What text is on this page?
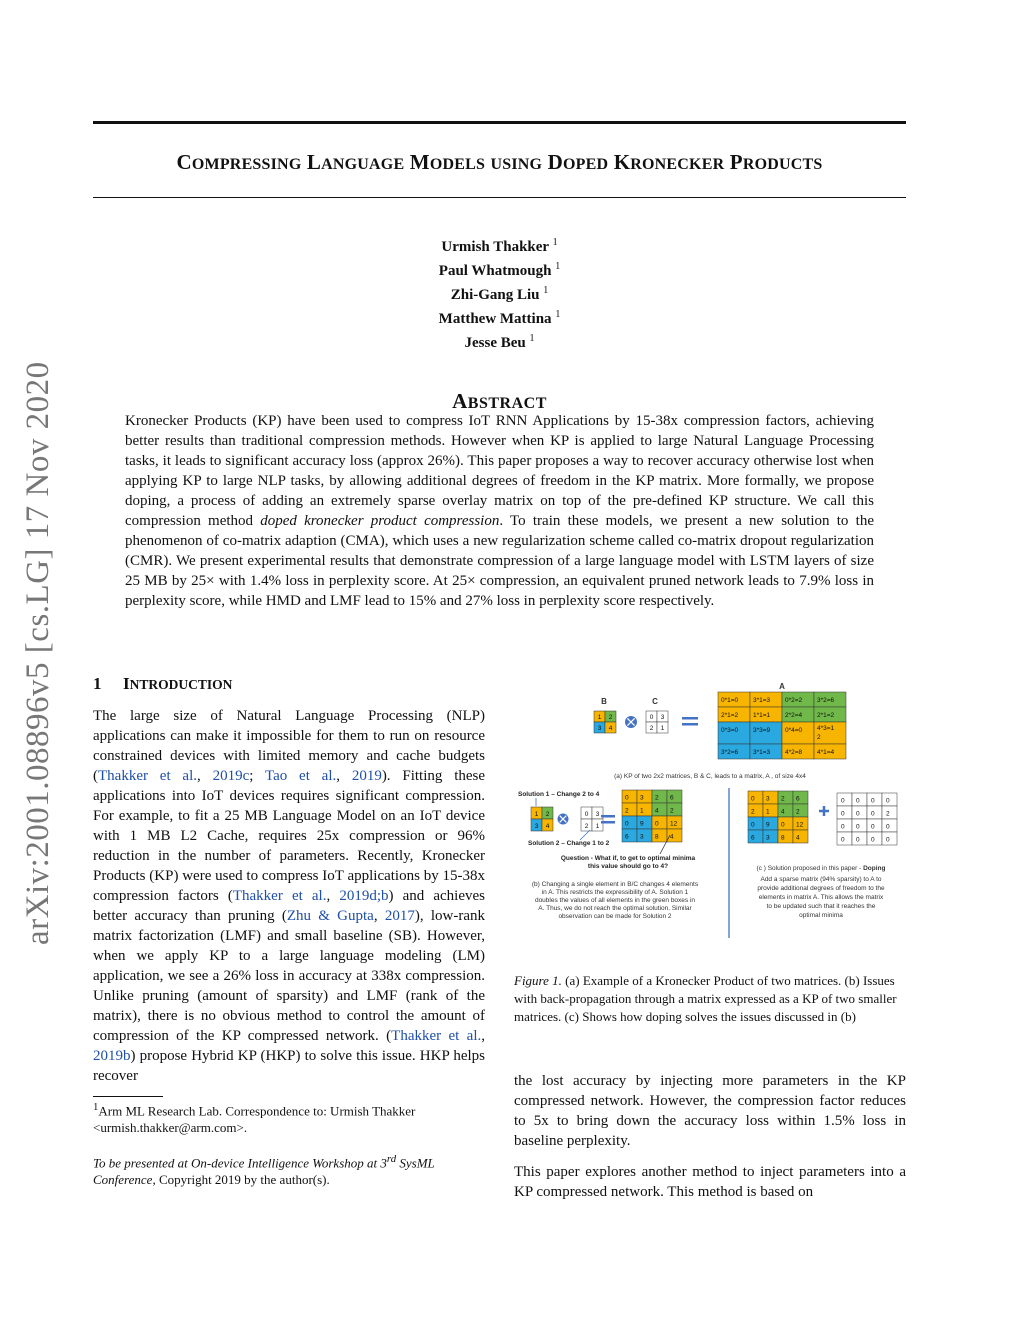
arXiv:2001.08896v5 [cs.LG] 17 Nov 2020
COMPRESSING LANGUAGE MODELS USING DOPED KRONECKER PRODUCTS
Urmish Thakker $^1$
Paul Whatmough $^1$
Zhi-Gang Liu $^1$
Matthew Mattina $^1$
Jesse Beu $^1$
ABSTRACT
Kronecker Products (KP) have been used to compress IoT RNN Applications by 15-38x compression factors, achieving better results than traditional compression methods. However when KP is applied to large Natural Language Processing tasks, it leads to significant accuracy loss (approx 26%). This paper proposes a way to recover accuracy otherwise lost when applying KP to large NLP tasks, by allowing additional degrees of freedom in the KP matrix. More formally, we propose doping, a process of adding an extremely sparse overlay matrix on top of the pre-defined KP structure. We call this compression method doped kronecker product compression. To train these models, we present a new solution to the phenomenon of co-matrix adaption (CMA), which uses a new regularization scheme called co-matrix dropout regularization (CMR). We present experimental results that demonstrate compression of a large language model with LSTM layers of size 25 MB by 25× with 1.4% loss in perplexity score. At 25× compression, an equivalent pruned network leads to 7.9% loss in perplexity score, while HMD and LMF lead to 15% and 27% loss in perplexity score respectively.
1 INTRODUCTION

The large size of Natural Language Processing (NLP) applications can make it impossible for them to run on resource constrained devices with limited memory and cache budgets (Thakker et al., 2019c; Tao et al., 2019). Fitting these applications into IoT devices requires significant compression. For example, to fit a 25 MB Language Model on an IoT device with 1 MB L2 Cache, requires 25x compression or 96% reduction in the number of parameters. Recently, Kronecker Products (KP) were used to compress IoT applications by 15-38x compression factors (Thakker et al., 2019d;b) and achieves better accuracy than pruning (Zhu & Gupta, 2017), low-rank matrix factorization (LMF) and small baseline (SB). However, when we apply KP to a large language modeling (LM) application, we see a 26% loss in accuracy at 338x compression. Unlike pruning (amount of sparsity) and LMF (rank of the matrix), there is no obvious method to control the amount of compression of the KP compressed network. (Thakker et al., 2019b) propose Hybrid KP (HKP) to solve this issue. HKP helps recover

$^1$Arm ML Research Lab. Correspondence to: Urmish Thakker <urmish.thakker@arm.com>.
To be presented at On-device Intelligence Workshop at 3rd SysML Conference, Copyright 2019 by the author(s).
B	C
A
1 2
3 4
0 3
2 1
0*1=0 3*1=3 0*2=2 3*2=6
2*1=2 1*1=1 2*2=4 2*1=2
0*3=0 3*3=9 0*4=0 4*3=1
2
3*2=6 3*1=3 4*2=8 4*1=4
(a) KP of two 2x2 matrices, B & C, leads to a matrix, A , of size 4x4
Solution 1 – Change 2 to 4
Solution 2 – Change 1 to 2
1 2
3 4
0 3
2 1
0 3 2 6
2 1 4 2
0 9 0 12
6 3 8 4
Question - What if, to get to optimal minima
this value should go to 4?
(b) Changing a single element in B/C changes 4 elements
in A. This restricts the expressibility of A. Solution 1
doubles the values of all elements in the green boxes in
A. Thus, we do not reach the optimal solution. Similar
observation can be made for Solution 2
0 3 2 6
2 1 4 2
0 9 0 12
6 3 8 4
0 0 0 0
0 0 0 2
0 0 0 0
0 0 0 0
(c ) Solution proposed in this paper - Doping
Add a sparse matrix (94% sparsity) to A to
provide additional degrees of freedom to the
elements in matrix A. This allows the matrix
to be updated such that it reaches the
optimal minima
Figure 1. (a) Example of a Kronecker Product of two matrices. (b) Issues with back-propagation through a matrix expressed as a KP of two smaller matrices. (c) Shows how doping solves the issues discussed in (b)

the lost accuracy by injecting more parameters in the KP compressed network. However, the compression factor reduces to 5x to bring down the accuracy loss within 1.5% loss in baseline perplexity.

This paper explores another method to inject parameters into a KP compressed network. This method is based on
